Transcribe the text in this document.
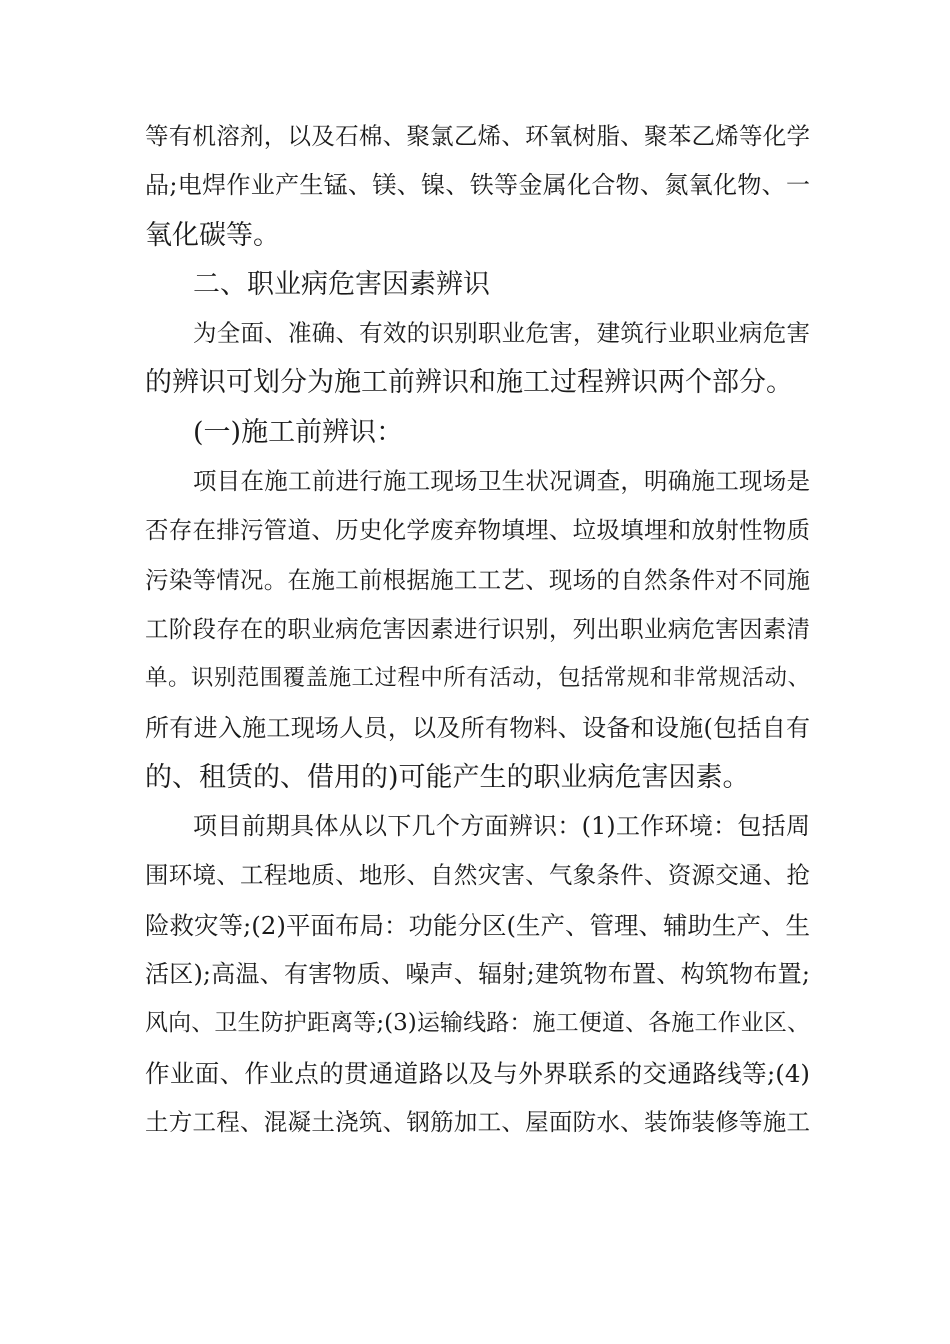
等有机溶剂，以及石棉、聚氯乙烯、环氧树脂、聚苯乙烯等化学
品;电焊作业产生锰、镁、镍、铁等金属化合物、氮氧化物、一
氧化碳等。
二、职业病危害因素辨识
为全面、准确、有效的识别职业危害，建筑行业职业病危害
的辨识可划分为施工前辨识和施工过程辨识两个部分。
(一)施工前辨识：
项目在施工前进行施工现场卫生状况调查，明确施工现场是
否存在排污管道、历史化学废弃物填埋、垃圾填埋和放射性物质
污染等情况。在施工前根据施工工艺、现场的自然条件对不同施
工阶段存在的职业病危害因素进行识别，列出职业病危害因素清
单。识别范围覆盖施工过程中所有活动，包括常规和非常规活动、
所有进入施工现场人员，以及所有物料、设备和设施(包括自有
的、租赁的、借用的)可能产生的职业病危害因素。
项目前期具体从以下几个方面辨识：(1)工作环境：包括周
围环境、工程地质、地形、自然灾害、气象条件、资源交通、抢
险救灾等;(2)平面布局：功能分区(生产、管理、辅助生产、生
活区);高温、有害物质、噪声、辐射;建筑物布置、构筑物布置;
风向、卫生防护距离等;(3)运输线路：施工便道、各施工作业区、
作业面、作业点的贯通道路以及与外界联系的交通路线等;(4)
土方工程、混凝土浇筑、钢筋加工、屋面防水、装饰装修等施工
